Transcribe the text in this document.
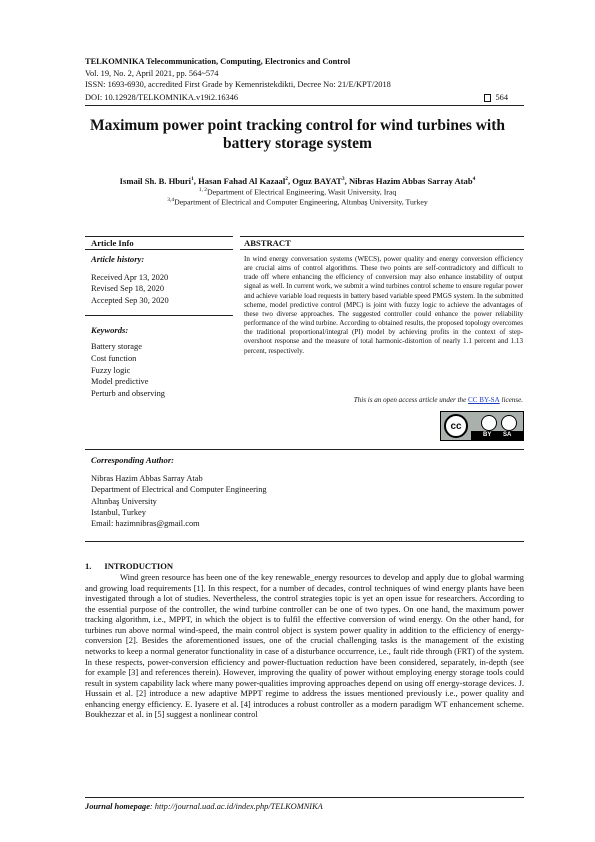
TELKOMNIKA Telecommunication, Computing, Electronics and Control
Vol. 19, No. 2, April 2021, pp. 564~574
ISSN: 1693-6930, accredited First Grade by Kemenristekdikti, Decree No: 21/E/KPT/2018
DOI: 10.12928/TELKOMNIKA.v19i2.16346	564
Maximum power point tracking control for wind turbines with
battery storage system
Ismail Sh. B. Hburi$^1$, Hasan Fahad Al Kazaal$^2$, Oguz BAYAT$^3$, Nibras Hazim Abbas Sarray Atab$^4$
$^{1, 2}$Department of Electrical Engineering, Wasit University, Iraq
$^{3,4}$Department of Electrical and Computer Engineering, Altınbaş University, Turkey
Article Info	ABSTRACT
Article history:
Received Apr 13, 2020
Revised Sep 18, 2020
Accepted Sep 30, 2020
Keywords:
Battery storage
Cost function
Fuzzy logic
Model predictive
Perturb and observing
In wind energy conversation systems (WECS), power quality and energy conversion efficiency are crucial aims of control algorithms. These two points are self-contradictory and difficult to trade off where enhancing the efficiency of conversion may also enhance instability of output signal as well. In current work, we submit a wind turbines control scheme to ensure regular power and achieve variable load requests in battery based variable speed PMGS system. In the submitted scheme, model predictive control (MPC) is joint with fuzzy logic to achieve the advantages of these two diverse approaches. The suggested controller could enhance the power reliability performance of the wind turbine. According to obtained results, the proposed topology overcomes the traditional proportional/integral (PI) model by achieving profits in the context of step-overshoot response and the measure of total harmonic-distortion of nearly 1.1 percent and 1.13 percent, respectively.
This is an open access article under the CC BY-SA license.
cc
BY SA
Corresponding Author:
Nibras Hazim Abbas Sarray Atab
Department of Electrical and Computer Engineering
Altınbaş University
Istanbul, Turkey
Email: hazimnibras@gmail.com
1. INTRODUCTION
Wind green resource has been one of the key renewable_energy resources to develop and apply due to global warming and growing load requirements [1]. In this respect, for a number of decades, control techniques of wind energy plants have been investigated through a lot of studies. Nevertheless, the control strategies topic is yet an open issue for researchers. According to the essential purpose of the controller, the wind turbine controller can be one of two types. On one hand, the maximum power tracking algorithm, i.e., MPPT, in which the object is to fulfil the effective conversion of wind energy. On the other hand, for turbines run above normal wind-speed, the main control object is system power quality in addition to the efficiency of energy-conversion [2]. Besides the aforementioned issues, one of the crucial challenging tasks is the management of the existing networks to keep a normal generator functionality in case of a disturbance occurrence, i.e., fault ride through (FRT) of the system. In these respects, power-conversion efficiency and power-fluctuation reduction have been considered, separately, in-depth (see for example [3] and references therein). However, improving the quality of power without employing energy storage tools could result in system capability lack where many power-qualities improving approaches depend on using off energy-storage devices. J. Hussain et al. [2] introduce a new adaptive MPPT regime to address the issues mentioned previously i.e., power quality and enhancing energy efficiency. E. Iyasere et al. [4] introduces a robust controller as a modern paradigm WT enhancement scheme. Boukhezzar et al. in [5] suggest a nonlinear control
Journal homepage: http://journal.uad.ac.id/index.php/TELKOMNIKA
